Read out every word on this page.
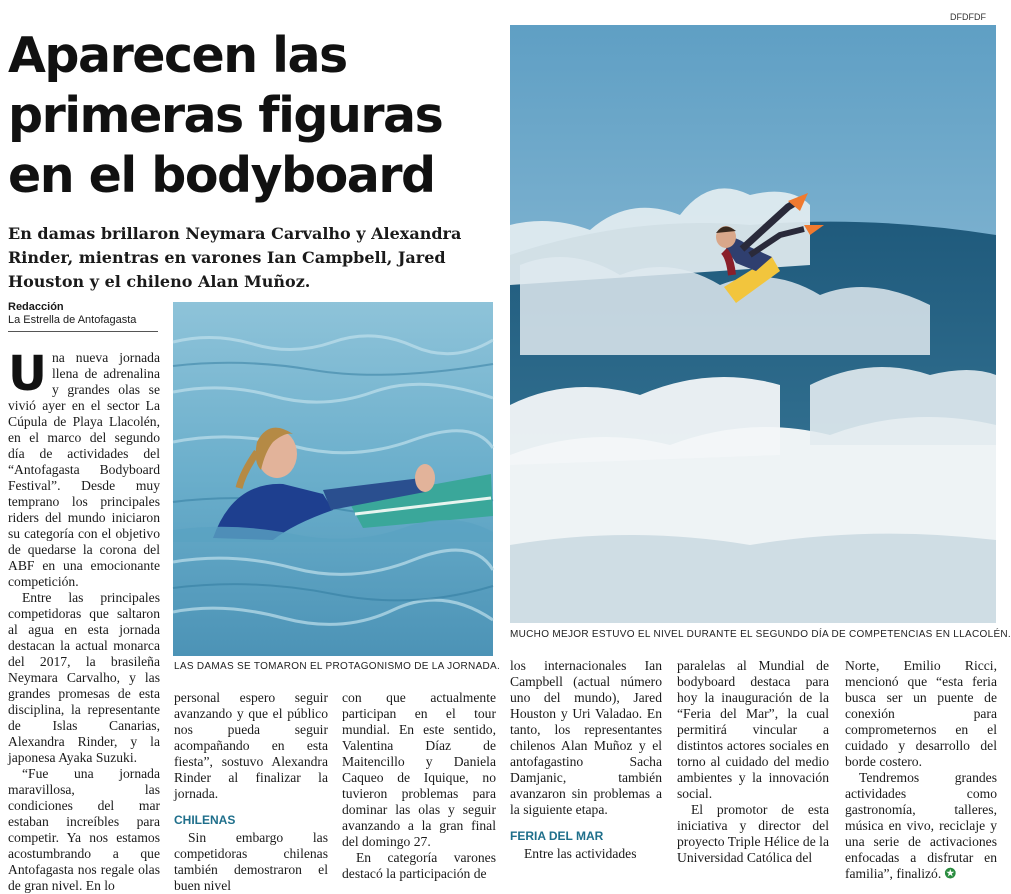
DFDFDF
Aparecen las primeras figuras en el bodyboard
En damas brillaron Neymara Carvalho y Alexandra Rinder, mientras en varones Ian Campbell, Jared Houston y el chileno Alan Muñoz.
Redacción
La Estrella de Antofagasta
LAS DAMAS SE TOMARON EL PROTAGONISMO DE LA JORNADA.
MUCHO MEJOR ESTUVO EL NIVEL DURANTE EL SEGUNDO DÍA DE COMPETENCIAS EN LLACOLÉN.

Una nueva jornada llena de adrenalina y grandes olas se vivió ayer en el sector La Cúpula de Playa Llacolén, en el marco del segundo día de actividades del “Antofagasta Bodyboard Festival”. Desde muy temprano los principales riders del mundo iniciaron su categoría con el objetivo de quedarse la corona del ABF en una emocionante competición.

Entre las principales competidoras que saltaron al agua en esta jornada destacan la actual monarca del 2017, la brasileña Neymara Carvalho, y las grandes promesas de esta disciplina, la representante de Islas Canarias, Alexandra Rinder, y la japonesa Ayaka Suzuki.

“Fue una jornada maravillosa, las condiciones del mar estaban increíbles para competir. Ya nos estamos acostumbrando a que Antofagasta nos regale olas de gran nivel. En lo

personal espero seguir avanzando y que el público nos pueda seguir acompañando en esta fiesta”, sostuvo Alexandra Rinder al finalizar la jornada.

CHILENAS

Sin embargo las competidoras chilenas también demostraron el buen nivel

con que actualmente participan en el tour mundial. En este sentido, Valentina Díaz de Maitencillo y Daniela Caqueo de Iquique, no tuvieron problemas para dominar las olas y seguir avanzando a la gran final del domingo 27.

En categoría varones destacó la participación de

los internacionales Ian Campbell (actual número uno del mundo), Jared Houston y Uri Valadao. En tanto, los representantes chilenos Alan Muñoz y el antofagastino Sacha Damjanic, también avanzaron sin problemas a la siguiente etapa.

FERIA DEL MAR

Entre las actividades

paralelas al Mundial de bodyboard destaca para hoy la inauguración de la “Feria del Mar”, la cual permitirá vincular a distintos actores sociales en torno al cuidado del medio ambientes y la innovación social.

El promotor de esta iniciativa y director del proyecto Triple Hélice de la Universidad Católica del

Norte, Emilio Ricci, mencionó que “esta feria busca ser un puente de conexión para comprometernos en el cuidado y desarrollo del borde costero.

Tendremos grandes actividades como gastronomía, talleres, música en vivo, reciclaje y una serie de activaciones enfocadas a disfrutar en familia”, finalizó. ✪
